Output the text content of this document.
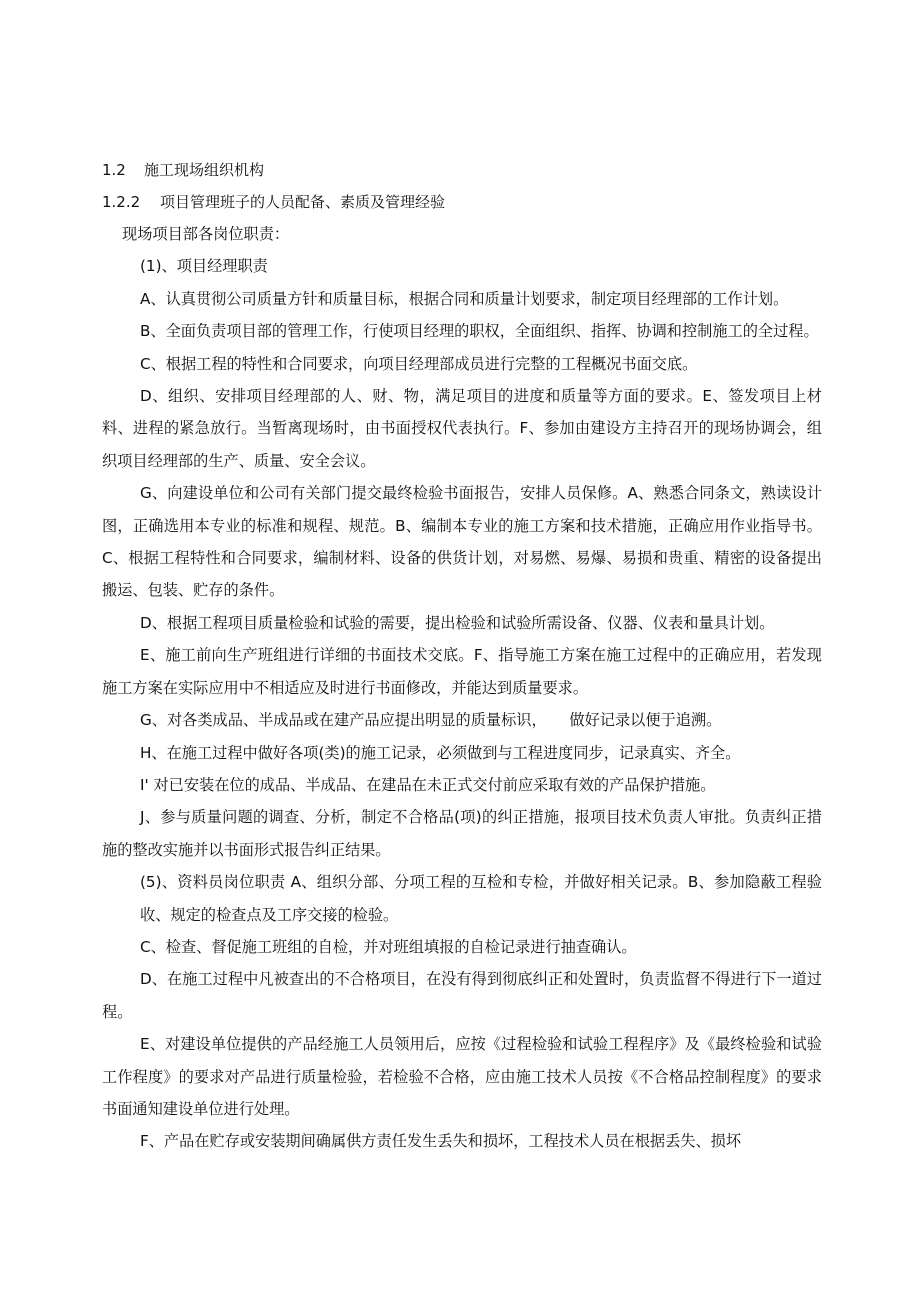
1.2 施工现场组织机构
1.2.2 项目管理班子的人员配备、素质及管理经验

现场项目部各岗位职责：

(1)、项目经理职责

A、认真贯彻公司质量方针和质量目标，根据合同和质量计划要求，制定项目经理部的工作计划。

B、全面负责项目部的管理工作，行使项目经理的职权，全面组织、指挥、协调和控制施工的全过程。

C、根据工程的特性和合同要求，向项目经理部成员进行完整的工程概况书面交底。

D、组织、安排项目经理部的人、财、物，满足项目的进度和质量等方面的要求。E、签发项目上材料、进程的紧急放行。当暂离现场时，由书面授权代表执行。F、参加由建设方主持召开的现场协调会，组织项目经理部的生产、质量、安全会议。

G、向建设单位和公司有关部门提交最终检验书面报告，安排人员保修。A、熟悉合同条文，熟读设计图，正确选用本专业的标准和规程、规范。B、编制本专业的施工方案和技术措施，正确应用作业指导书。C、根据工程特性和合同要求，编制材料、设备的供货计划，对易燃、易爆、易损和贵重、精密的设备提出搬运、包装、贮存的条件。

D、根据工程项目质量检验和试验的需要，提出检验和试验所需设备、仪器、仪表和量具计划。

E、施工前向生产班组进行详细的书面技术交底。F、指导施工方案在施工过程中的正确应用，若发现施工方案在实际应用中不相适应及时进行书面修改，并能达到质量要求。

G、对各类成品、半成品或在建产品应提出明显的质量标识，　　做好记录以便于追溯。

H、在施工过程中做好各项(类)的施工记录，必须做到与工程进度同步，记录真实、齐全。

I' 对已安装在位的成品、半成品、在建品在未正式交付前应采取有效的产品保护措施。

J、参与质量问题的调查、分析，制定不合格品(项)的纠正措施，报项目技术负责人审批。负责纠正措施的整改实施并以书面形式报告纠正结果。

(5)、资料员岗位职责 A、组织分部、分项工程的互检和专检，并做好相关记录。B、参加隐蔽工程验收、规定的检查点及工序交接的检验。

C、检查、督促施工班组的自检，并对班组填报的自检记录进行抽查确认。

D、在施工过程中凡被查出的不合格项目，在没有得到彻底纠正和处置时，负责监督不得进行下一道过程。

E、对建设单位提供的产品经施工人员领用后，应按《过程检验和试验工程程序》及《最终检验和试验工作程度》的要求对产品进行质量检验，若检验不合格，应由施工技术人员按《不合格品控制程度》的要求书面通知建设单位进行处理。

F、产品在贮存或安装期间确属供方责任发生丢失和损坏，工程技术人员在根据丢失、损坏
